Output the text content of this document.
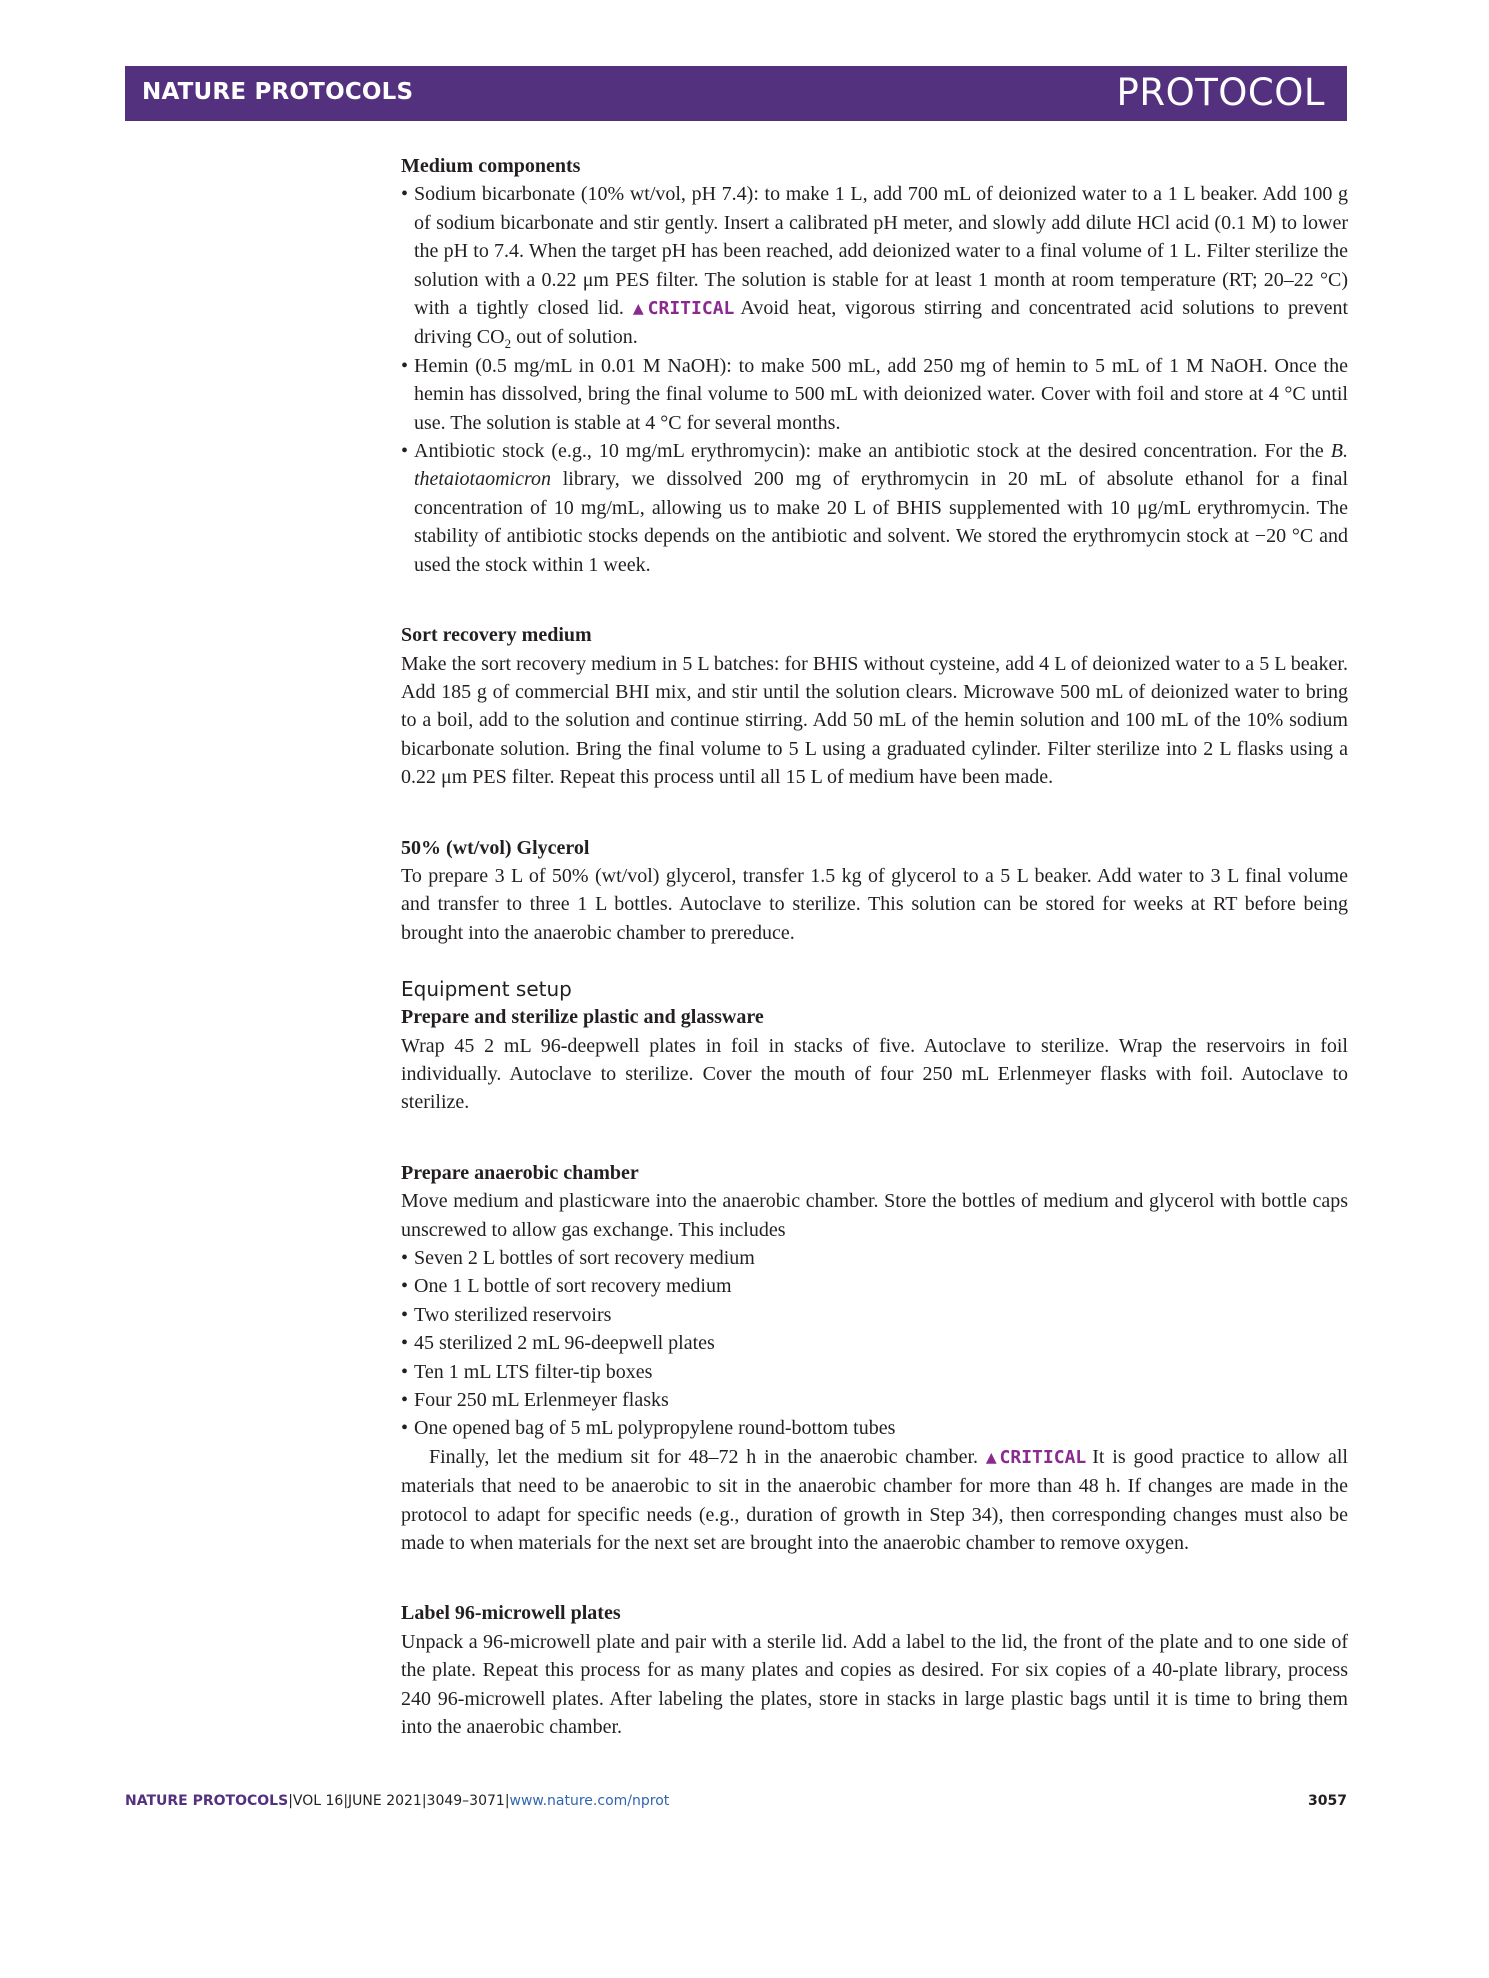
NATURE PROTOCOLS	PROTOCOL

Medium components

• Sodium bicarbonate (10% wt/vol, pH 7.4): to make 1 L, add 700 mL of deionized water to a 1 L beaker. Add 100 g of sodium bicarbonate and stir gently. Insert a calibrated pH meter, and slowly add dilute HCl acid (0.1 M) to lower the pH to 7.4. When the target pH has been reached, add deionized water to a final volume of 1 L. Filter sterilize the solution with a 0.22 μm PES filter. The solution is stable for at least 1 month at room temperature (RT; 20–22 °C) with a tightly closed lid. ▲CRITICAL Avoid heat, vigorous stirring and concentrated acid solutions to prevent driving $CO_2$ out of solution.
• Hemin (0.5 mg/mL in 0.01 M NaOH): to make 500 mL, add 250 mg of hemin to 5 mL of 1 M NaOH. Once the hemin has dissolved, bring the final volume to 500 mL with deionized water. Cover with foil and store at 4 °C until use. The solution is stable at 4 °C for several months.
• Antibiotic stock (e.g., 10 mg/mL erythromycin): make an antibiotic stock at the desired concentration. For the B. thetaiotaomicron library, we dissolved 200 mg of erythromycin in 20 mL of absolute ethanol for a final concentration of 10 mg/mL, allowing us to make 20 L of BHIS supplemented with 10 μg/mL erythromycin. The stability of antibiotic stocks depends on the antibiotic and solvent. We stored the erythromycin stock at −20 °C and used the stock within 1 week.

Sort recovery medium

Make the sort recovery medium in 5 L batches: for BHIS without cysteine, add 4 L of deionized water to a 5 L beaker. Add 185 g of commercial BHI mix, and stir until the solution clears. Microwave 500 mL of deionized water to bring to a boil, add to the solution and continue stirring. Add 50 mL of the hemin solution and 100 mL of the 10% sodium bicarbonate solution. Bring the final volume to 5 L using a graduated cylinder. Filter sterilize into 2 L flasks using a 0.22 μm PES filter. Repeat this process until all 15 L of medium have been made.

50% (wt/vol) Glycerol

To prepare 3 L of 50% (wt/vol) glycerol, transfer 1.5 kg of glycerol to a 5 L beaker. Add water to 3 L final volume and transfer to three 1 L bottles. Autoclave to sterilize. This solution can be stored for weeks at RT before being brought into the anaerobic chamber to prereduce.

Equipment setup

Prepare and sterilize plastic and glassware

Wrap 45 2 mL 96-deepwell plates in foil in stacks of five. Autoclave to sterilize. Wrap the reservoirs in foil individually. Autoclave to sterilize. Cover the mouth of four 250 mL Erlenmeyer flasks with foil. Autoclave to sterilize.

Prepare anaerobic chamber

Move medium and plasticware into the anaerobic chamber. Store the bottles of medium and glycerol with bottle caps unscrewed to allow gas exchange. This includes

• Seven 2 L bottles of sort recovery medium
• One 1 L bottle of sort recovery medium
• Two sterilized reservoirs
• 45 sterilized 2 mL 96-deepwell plates
• Ten 1 mL LTS filter-tip boxes
• Four 250 mL Erlenmeyer flasks
• One opened bag of 5 mL polypropylene round-bottom tubes

Finally, let the medium sit for 48–72 h in the anaerobic chamber. ▲CRITICAL It is good practice to allow all materials that need to be anaerobic to sit in the anaerobic chamber for more than 48 h. If changes are made in the protocol to adapt for specific needs (e.g., duration of growth in Step 34), then corresponding changes must also be made to when materials for the next set are brought into the anaerobic chamber to remove oxygen.

Label 96-microwell plates

Unpack a 96-microwell plate and pair with a sterile lid. Add a label to the lid, the front of the plate and to one side of the plate. Repeat this process for as many plates and copies as desired. For six copies of a 40-plate library, process 240 96-microwell plates. After labeling the plates, store in stacks in large plastic bags until it is time to bring them into the anaerobic chamber.

NATURE PROTOCOLS|VOL 16|JUNE 2021|3049–3071|www.nature.com/nprot	3057
